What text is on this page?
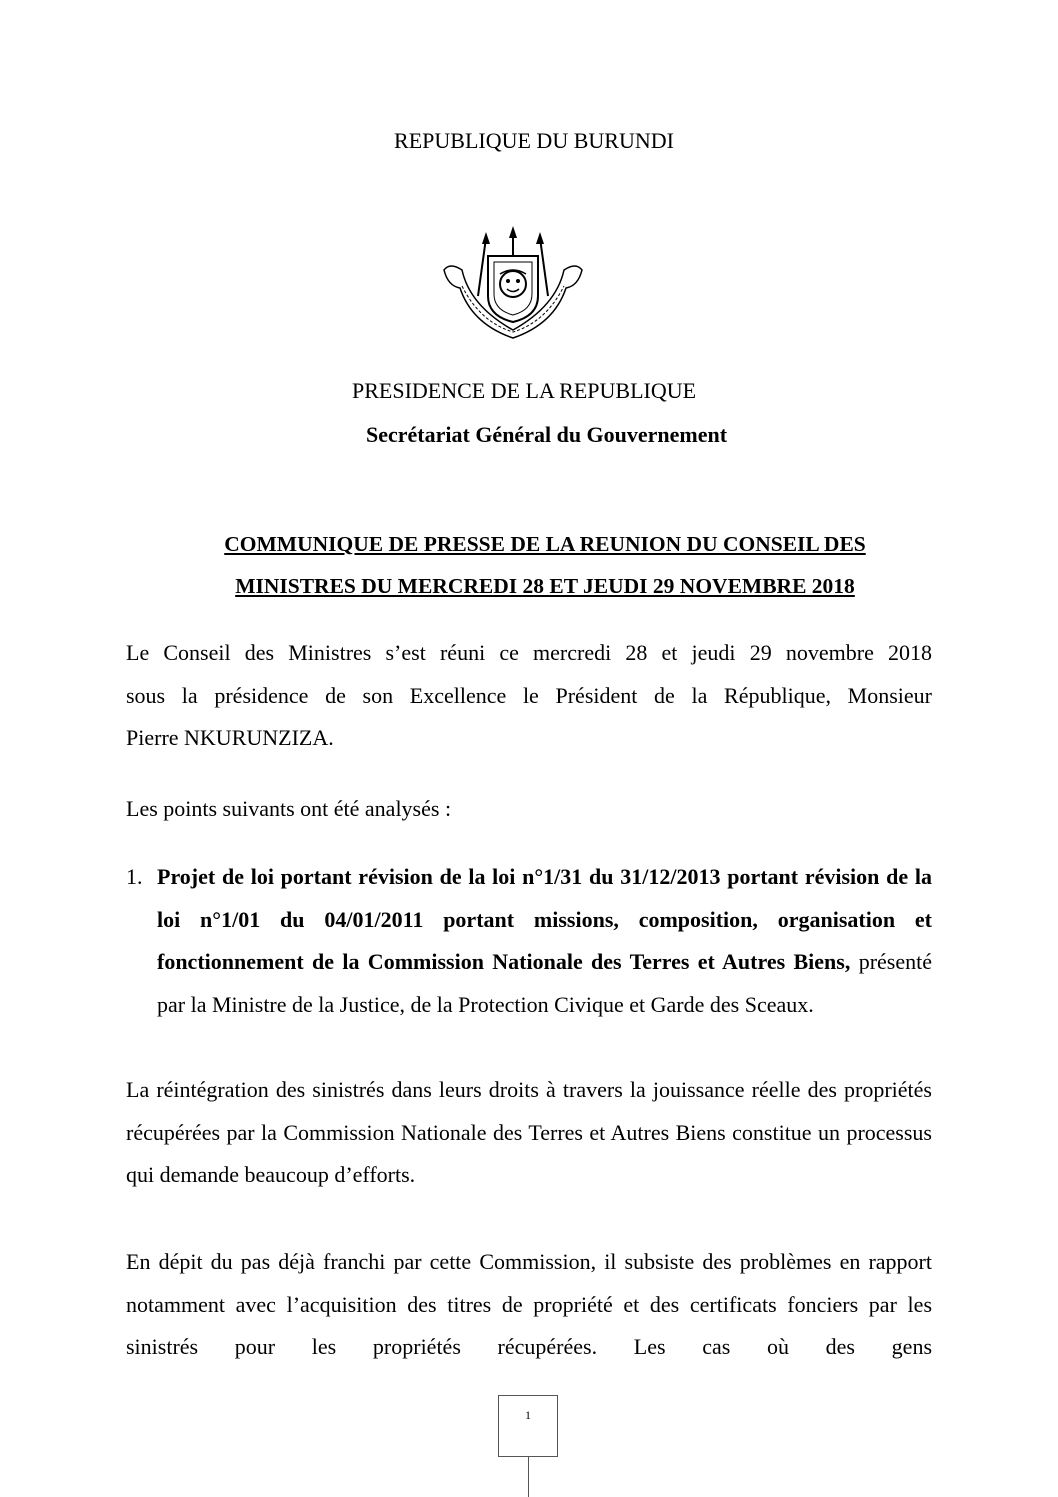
REPUBLIQUE DU BURUNDI
PRESIDENCE DE LA REPUBLIQUE
Secrétariat Général du Gouvernement
COMMUNIQUE DE PRESSE DE LA REUNION DU CONSEIL DES
MINISTRES DU MERCREDI 28 ET JEUDI 29 NOVEMBRE 2018
Le Conseil des Ministres s’est réuni ce mercredi 28 et jeudi 29 novembre 2018
sous la présidence de son Excellence le Président de la République, Monsieur
Pierre NKURUNZIZA.
Les points suivants ont été analysés :
1. Projet de loi portant révision de la loi n°1/31 du 31/12/2013 portant révision de la loi n°1/01 du 04/01/2011 portant missions, composition, organisation et fonctionnement de la Commission Nationale des Terres et Autres Biens, présenté par la Ministre de la Justice, de la Protection Civique et Garde des Sceaux.
La réintégration des sinistrés dans leurs droits à travers la jouissance réelle des propriétés récupérées par la Commission Nationale des Terres et Autres Biens constitue un processus qui demande beaucoup d’efforts.
En dépit du pas déjà franchi par cette Commission, il subsiste des problèmes en rapport notamment avec l’acquisition des titres de propriété et des certificats fonciers par les sinistrés pour les propriétés récupérées. Les cas où des gens
1
